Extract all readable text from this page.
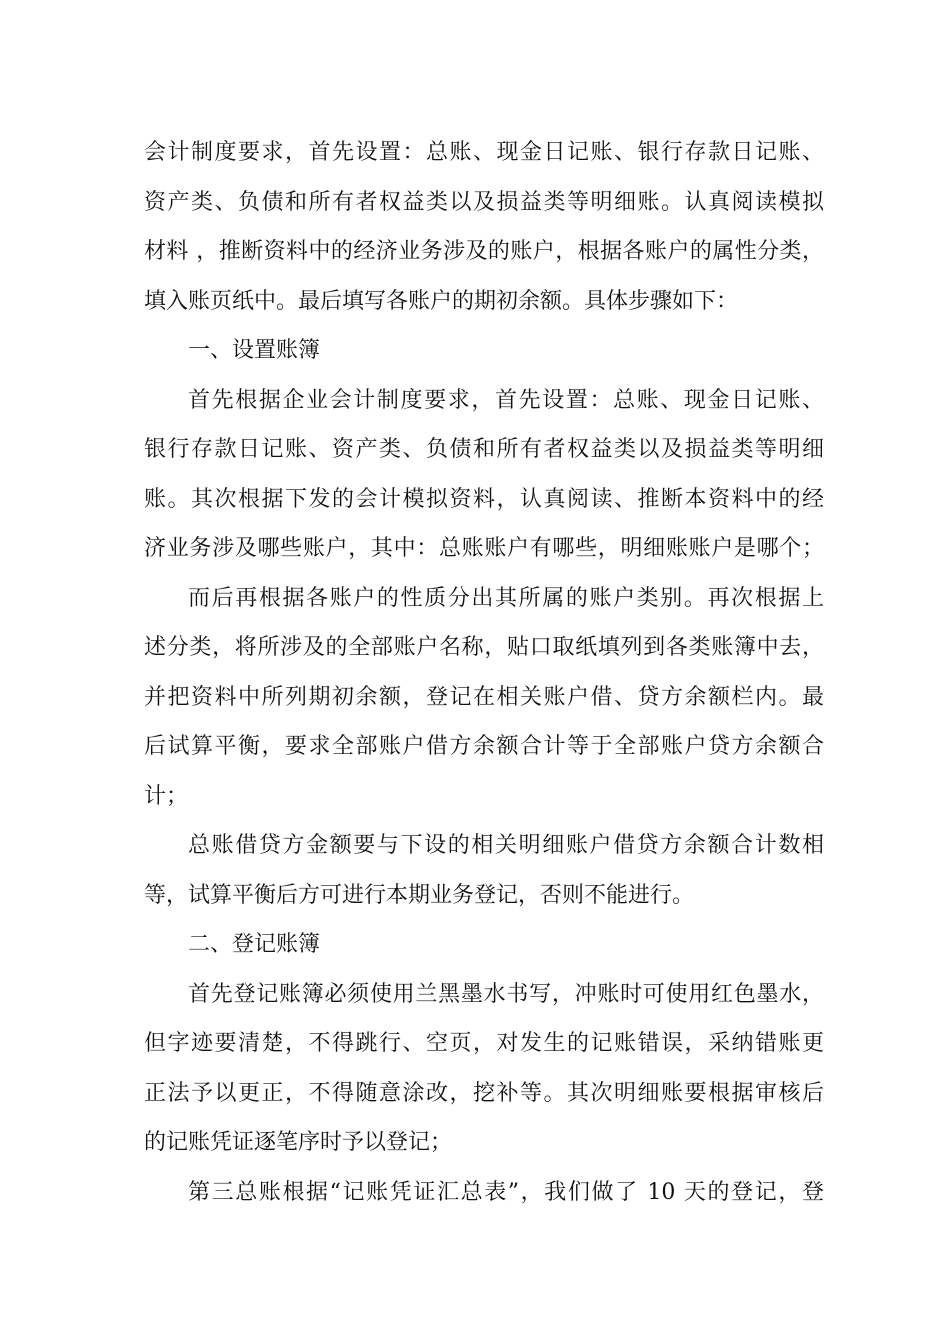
会计制度要求，首先设置：总账、现金日记账、银行存款日记账、
资产类、负债和所有者权益类以及损益类等明细账。认真阅读模拟
材料 ，推断资料中的经济业务涉及的账户，根据各账户的属性分类，
填入账页纸中。最后填写各账户的期初余额。具体步骤如下：
一、设置账簿
首先根据企业会计制度要求，首先设置：总账、现金日记账、
银行存款日记账、资产类、负债和所有者权益类以及损益类等明细
账。其次根据下发的会计模拟资料，认真阅读、推断本资料中的经
济业务涉及哪些账户，其中：总账账户有哪些，明细账账户是哪个；
而后再根据各账户的性质分出其所属的账户类别。再次根据上
述分类，将所涉及的全部账户名称，贴口取纸填列到各类账簿中去，
并把资料中所列期初余额，登记在相关账户借、贷方余额栏内。最
后试算平衡，要求全部账户借方余额合计等于全部账户贷方余额合
计；
总账借贷方金额要与下设的相关明细账户借贷方余额合计数相
等，试算平衡后方可进行本期业务登记，否则不能进行。
二、登记账簿
首先登记账簿必须使用兰黑墨水书写，冲账时可使用红色墨水，
但字迹要清楚，不得跳行、空页，对发生的记账错误，采纳错账更
正法予以更正，不得随意涂改，挖补等。其次明细账要根据审核后
的记账凭证逐笔序时予以登记；
第三总账根据“记账凭证汇总表”，我们做了 10 天的登记，登
